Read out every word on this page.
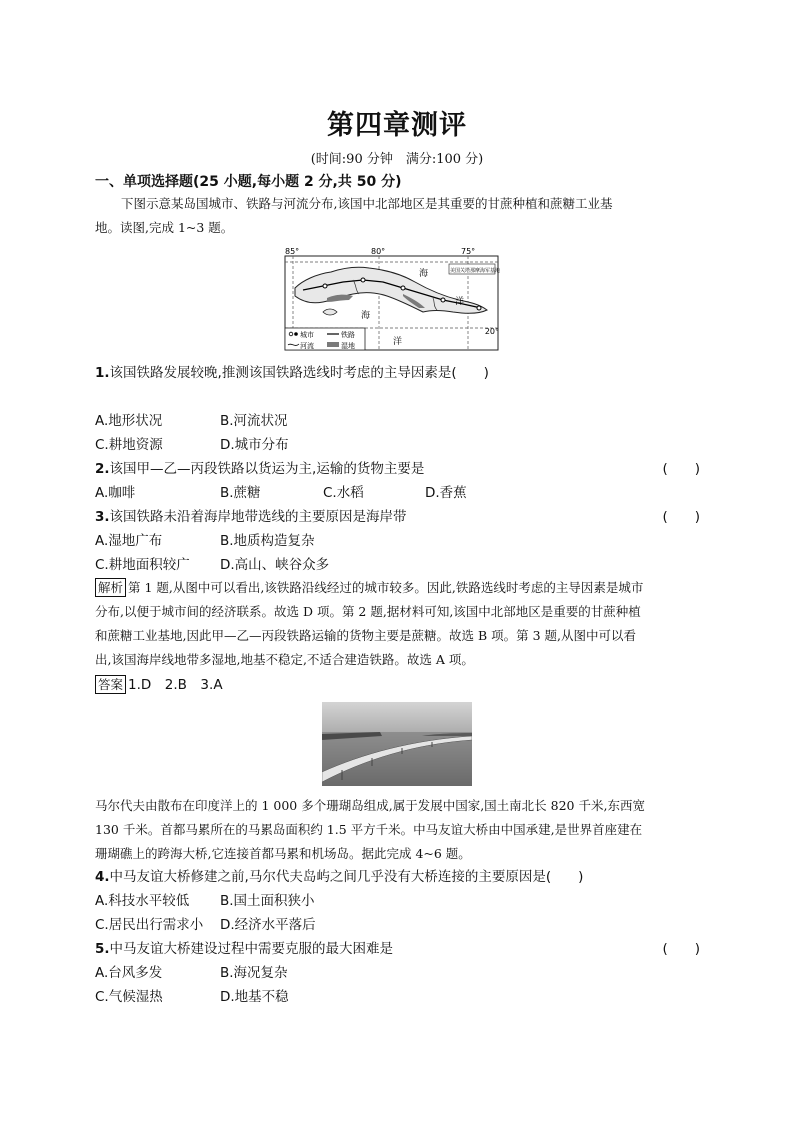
第四章测评
(时间:90 分钟　满分:100 分)
一、单项选择题(25 小题,每小题 2 分,共 50 分)
下图示意某岛国城市、铁路与河流分布,该国中北部地区是其重要的甘蔗种植和蔗糖工业基
地。读图,完成 1~3 题。
85°	80°	75°
20°
海
洋
海
洋
美国关塔那摩海军基地
城市	铁路
河流	湿地
1.该国铁路发展较晚,推测该国铁路选线时考虑的主导因素是(　　)
A.地形状况	B.河流状况
C.耕地资源	D.城市分布
2.该国甲—乙—丙段铁路以货运为主,运输的货物主要是	(　　)
A.咖啡	B.蔗糖	C.水稻	D.香蕉
3.该国铁路未沿着海岸地带选线的主要原因是海岸带	(　　)
A.湿地广布	B.地质构造复杂
C.耕地面积较广 D.高山、峡谷众多
解析 第 1 题,从图中可以看出,该铁路沿线经过的城市较多。因此,铁路选线时考虑的主导因素是城市
分布,以便于城市间的经济联系。故选 D 项。第 2 题,据材料可知,该国中北部地区是重要的甘蔗种植
和蔗糖工业基地,因此甲—乙—丙段铁路运输的货物主要是蔗糖。故选 B 项。第 3 题,从图中可以看
出,该国海岸线地带多湿地,地基不稳定,不适合建造铁路。故选 A 项。
答案 1.D　2.B　3.A
马尔代夫由散布在印度洋上的 1 000 多个珊瑚岛组成,属于发展中国家,国土南北长 820 千米,东西宽
130 千米。首都马累所在的马累岛面积约 1.5 平方千米。中马友谊大桥由中国承建,是世界首座建在
珊瑚礁上的跨海大桥,它连接首都马累和机场岛。据此完成 4~6 题。
4.中马友谊大桥修建之前,马尔代夫岛屿之间几乎没有大桥连接的主要原因是(　　)
A.科技水平较低 B.国土面积狭小
C.居民出行需求小 D.经济水平落后
5.中马友谊大桥建设过程中需要克服的最大困难是	(　　)
A.台风多发	B.海况复杂
C.气候湿热	D.地基不稳
